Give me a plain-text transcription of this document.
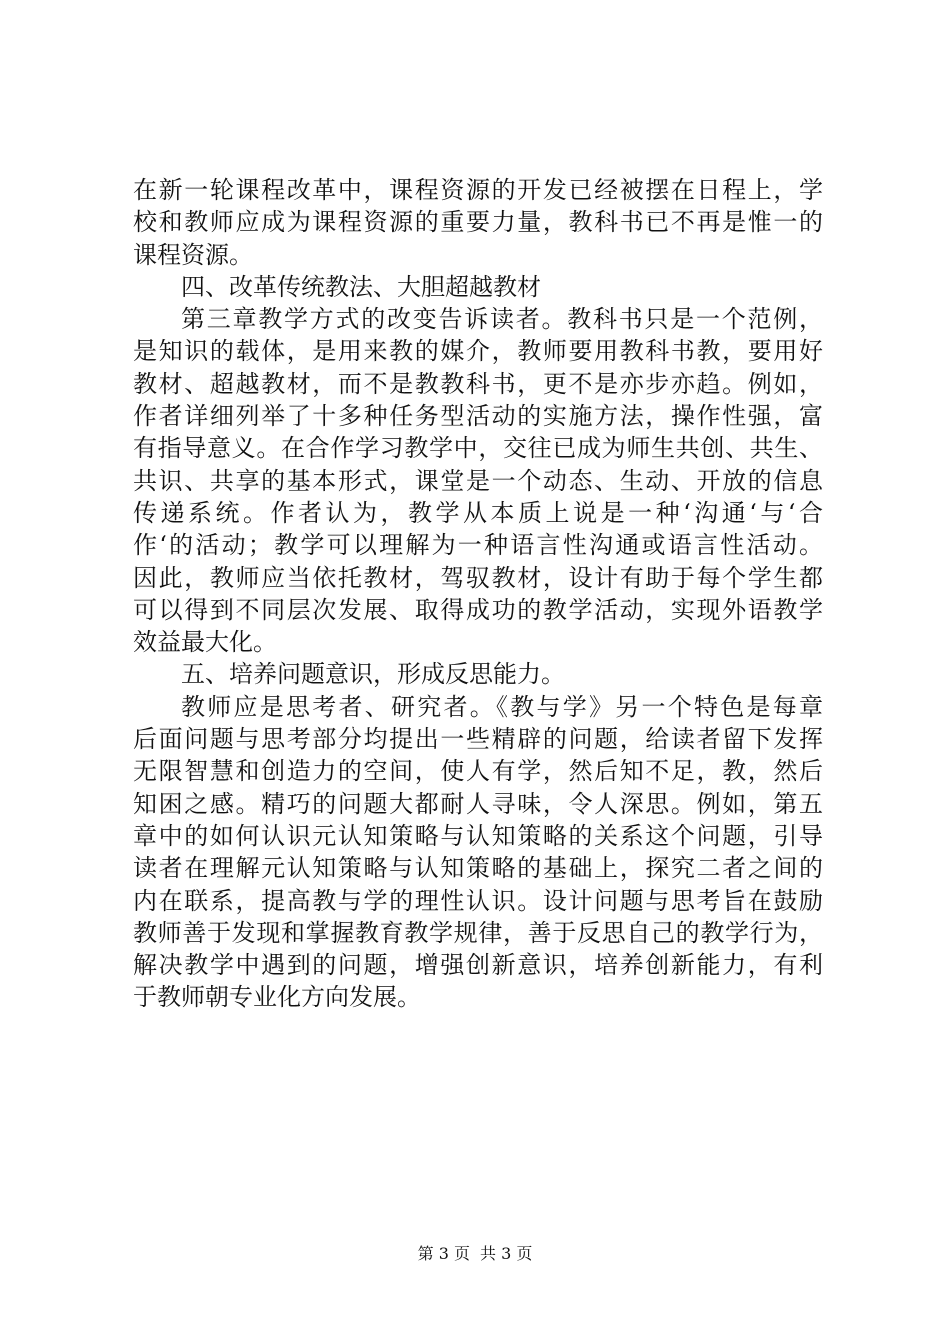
在新一轮课程改革中，课程资源的开发已经被摆在日程上，学
校和教师应成为课程资源的重要力量，教科书已不再是惟一的
课程资源。
四、改革传统教法、大胆超越教材
第三章教学方式的改变告诉读者。教科书只是一个范例，
是知识的载体，是用来教的媒介，教师要用教科书教，要用好
教材、超越教材，而不是教教科书，更不是亦步亦趋。例如，
作者详细列举了十多种任务型活动的实施方法，操作性强，富
有指导意义。在合作学习教学中，交往已成为师生共创、共生、
共识、共享的基本形式，课堂是一个动态、生动、开放的信息
传递系统。作者认为，教学从本质上说是一种‘沟通‘与‘合
作‘的活动；教学可以理解为一种语言性沟通或语言性活动。
因此，教师应当依托教材，驾驭教材，设计有助于每个学生都
可以得到不同层次发展、取得成功的教学活动，实现外语教学
效益最大化。
五、培养问题意识，形成反思能力。
教师应是思考者、研究者。《教与学》另一个特色是每章
后面问题与思考部分均提出一些精辟的问题，给读者留下发挥
无限智慧和创造力的空间，使人有学，然后知不足，教，然后
知困之感。精巧的问题大都耐人寻味，令人深思。例如，第五
章中的如何认识元认知策略与认知策略的关系这个问题，引导
读者在理解元认知策略与认知策略的基础上，探究二者之间的
内在联系，提高教与学的理性认识。设计问题与思考旨在鼓励
教师善于发现和掌握教育教学规律，善于反思自己的教学行为，
解决教学中遇到的问题，增强创新意识，培养创新能力，有利
于教师朝专业化方向发展。
第 3 页 共 3 页
